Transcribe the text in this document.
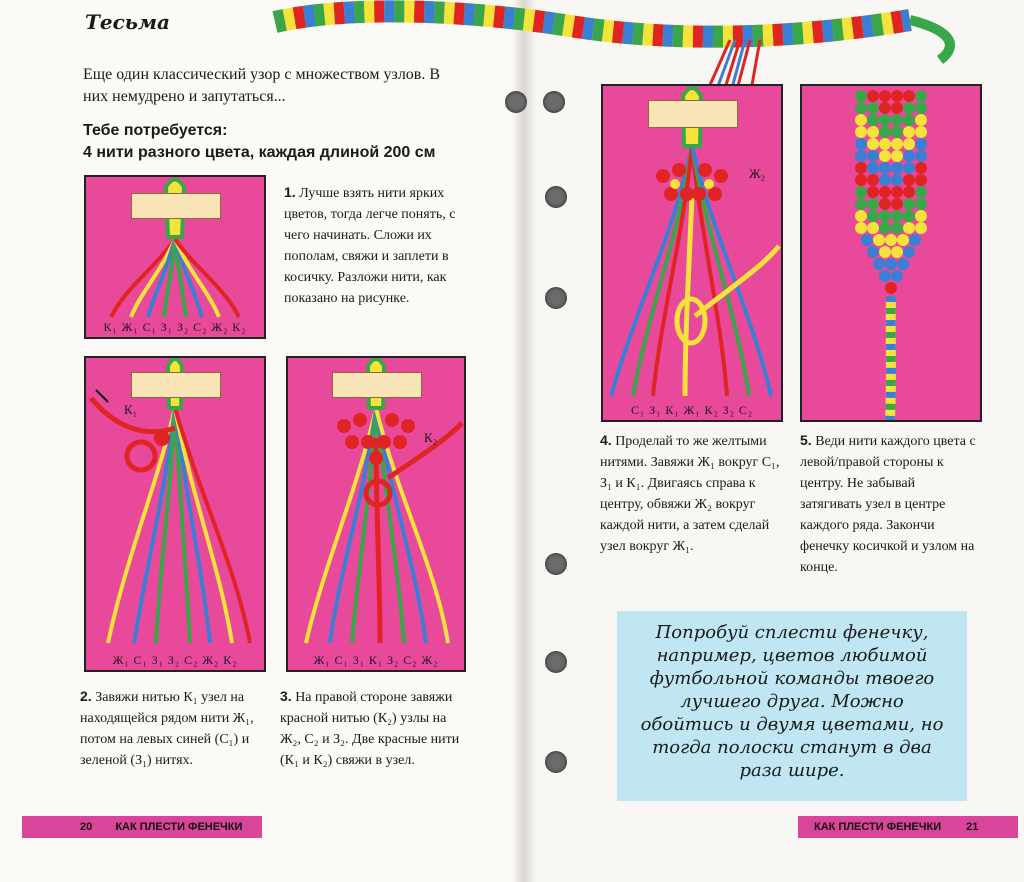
Тесьма
Еще один классический узор с множеством узлов. В них немудрено и запутаться...
Тебе потребуется:
4 нити разного цвета, каждая длиной 200 см
К₁ Ж₁ С₁ З₁ З₂ С₂ Ж₂ К₂
1. Лучше взять нити ярких цветов, тогда легче понять, с чего начинать. Сложи их пополам, свяжи и заплети в косичку. Разложи нити, как показано на рисунке.
К₁
Ж₁ С₁ З₁ З₂ С₂ Ж₂ К₂
К₂
Ж₁ С₁ З₁ К₁ З₂ С₂ Ж₂
2. Завяжи нитью К₁ узел на находящейся рядом нити Ж₁, потом на левых синей (С₁) и зеленой (З₁) нитях.
3. На правой стороне завяжи красной нитью (К₂) узлы на Ж₂, С₂ и З₂. Две красные нити (К₁ и К₂) свяжи в узел.
20 КАК ПЛЕСТИ ФЕНЕЧКИ
Ж₂
С₁ З₁ К₁ Ж₁ К₂ З₂ С₂
4. Проделай то же желтыми нитями. Завяжи Ж₁ вокруг С₁, З₁ и К₁. Двигаясь справа к центру, обвяжи Ж₂ вокруг каждой нити, а затем сделай узел вокруг Ж₁.
5. Веди нити каждого цвета с левой/правой стороны к центру. Не забывай затягивать узел в центре каждого ряда. Закончи фенечку косичкой и узлом на конце.
Попробуй сплести фенечку, например, цветов любимой футбольной команды твоего лучшего друга. Можно обойтись и двумя цветами, но тогда полоски станут в два раза шире.
КАК ПЛЕСТИ ФЕНЕЧКИ 21
